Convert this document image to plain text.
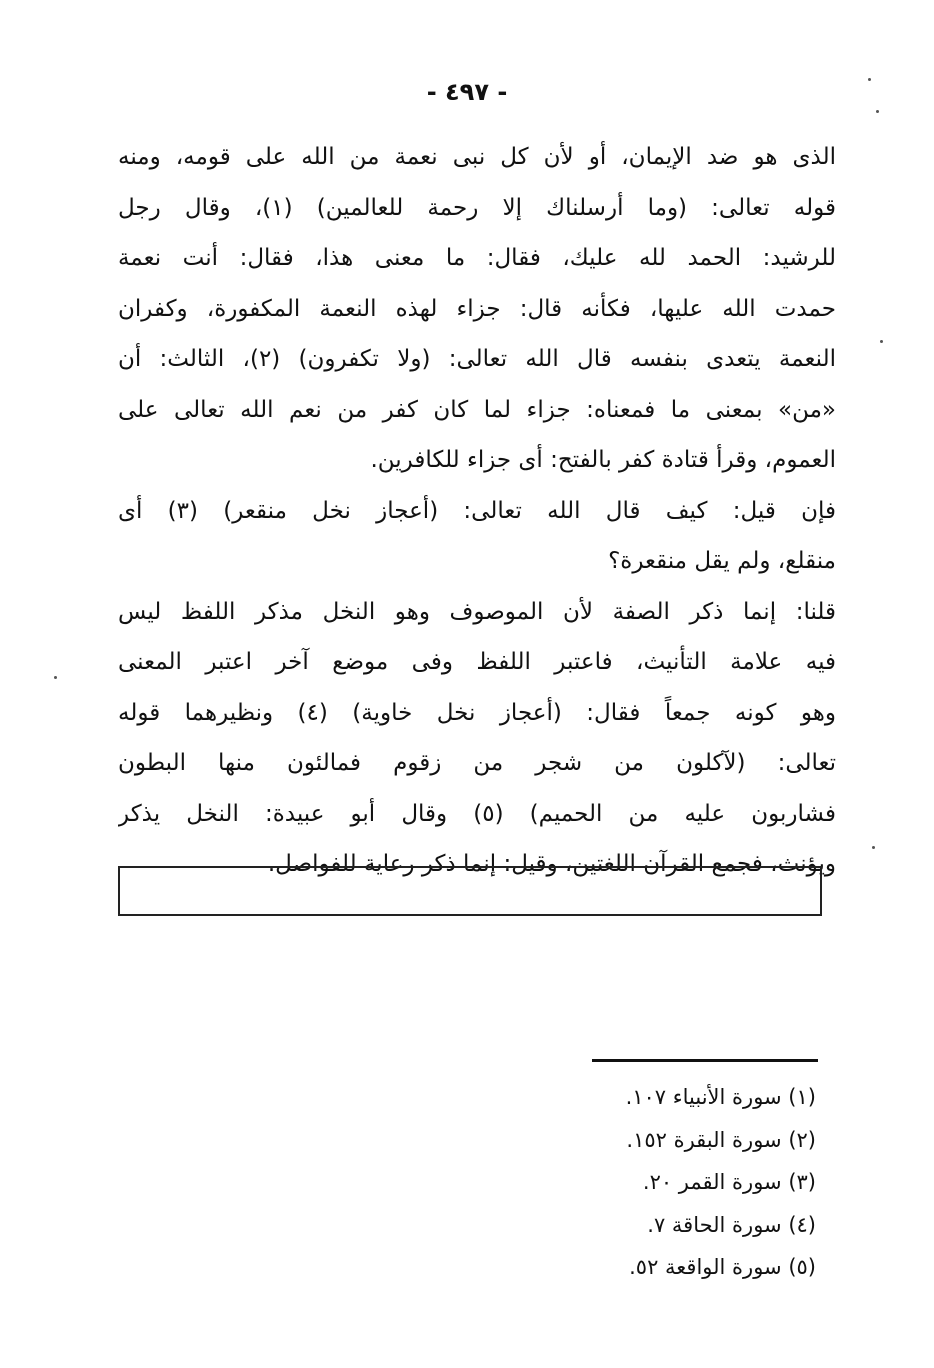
- ٤٩٧ -
الذى هو ضد الإيمان، أو لأن كل نبى نعمة من الله على قومه، ومنه
قوله تعالى: (وما أرسلناك إلا رحمة للعالمين) (١)، وقال رجل
للرشيد: الحمد لله عليك، فقال: ما معنى هذا، فقال: أنت نعمة
حمدت الله عليها، فكأنه قال: جزاء لهذه النعمة المكفورة، وكفران
النعمة يتعدى بنفسه قال الله تعالى: (ولا تكفرون) (٢)، الثالث: أن
«من» بمعنى ما فمعناه: جزاء لما كان كفر من نعم الله تعالى على
العموم، وقرأ قتادة كفر بالفتح: أى جزاء للكافرين.
فإن قيل: كيف قال الله تعالى: (أعجاز نخل منقعر) (٣) أى
منقلع، ولم يقل منقعرة؟
قلنا: إنما ذكر الصفة لأن الموصوف وهو النخل مذكر اللفظ ليس
فيه علامة التأنيث، فاعتبر اللفظ وفى موضع آخر اعتبر المعنى
وهو كونه جمعاً فقال: (أعجاز نخل خاوية) (٤) ونظيرهما قوله
تعالى: (لآكلون من شجر من زقوم فمالئون منها البطون
فشاربون عليه من الحميم) (٥) وقال أبو عبيدة: النخل يذكر
ويؤنث، فجمع القرآن اللغتين، وقيل: إنما ذكر رعاية للفواصل.
(١) سورة الأنبياء ١٠٧.
(٢) سورة البقرة ١٥٢.
(٣) سورة القمر ٢٠.
(٤) سورة الحاقة ٧.
(٥) سورة الواقعة ٥٢.
